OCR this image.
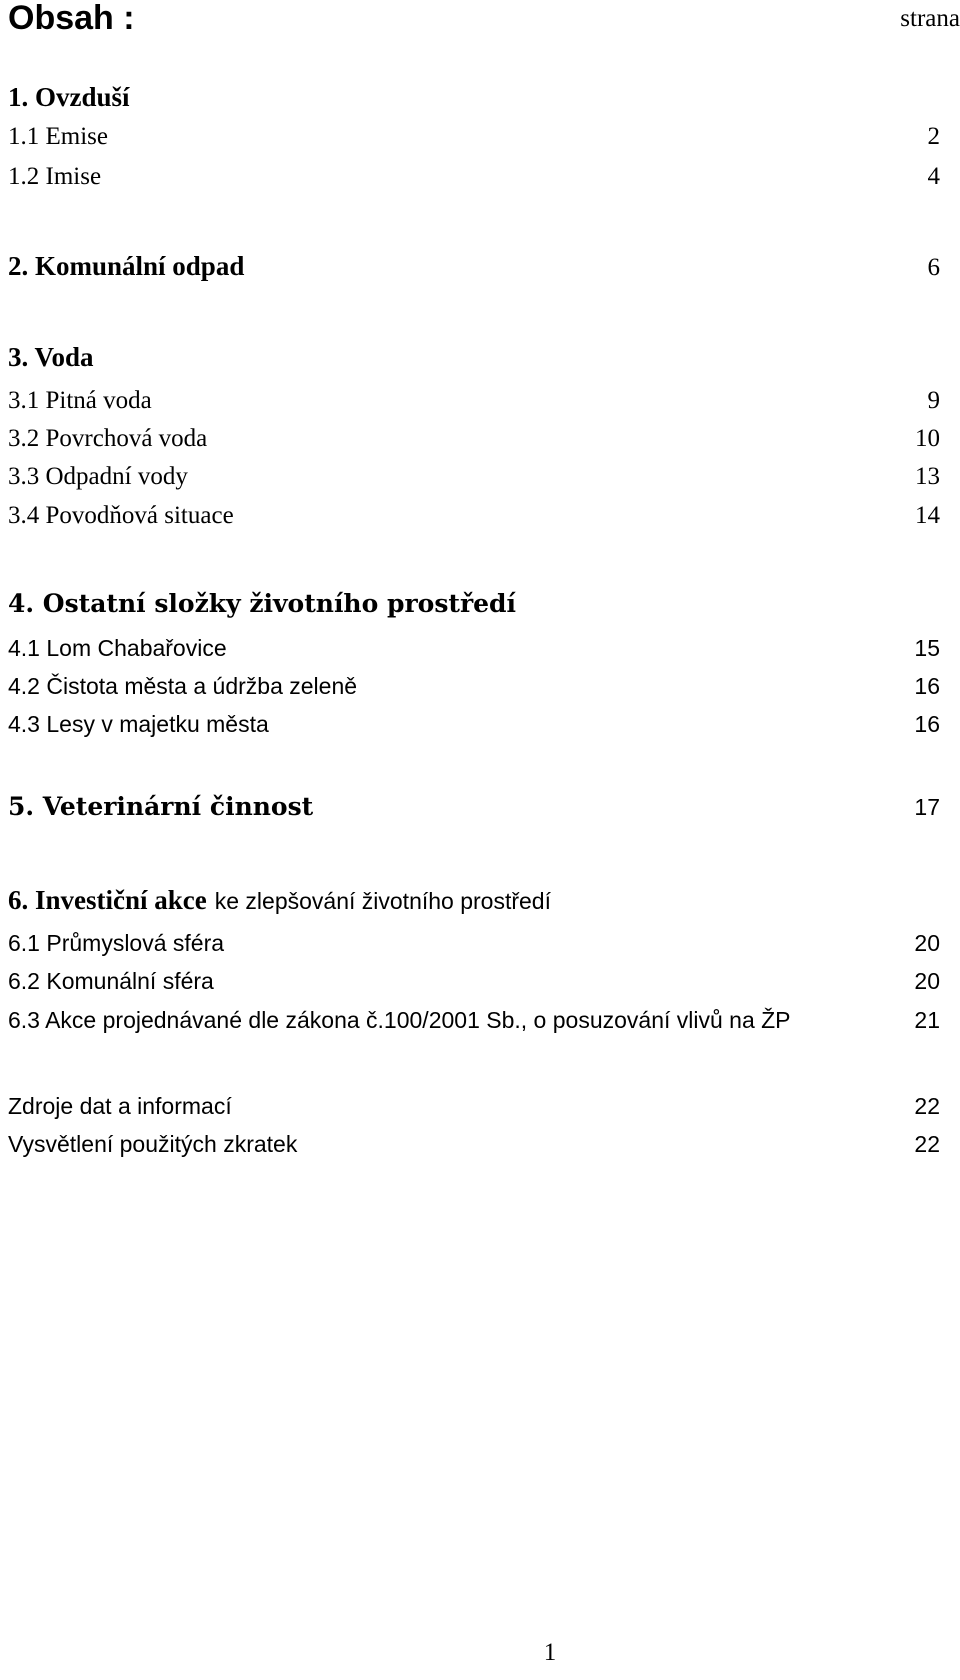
Obsah :	strana
1. Ovzduší
1.1 Emise	2
1.2 Imise	4
2. Komunální odpad	6
3. Voda
3.1 Pitná voda	9
3.2 Povrchová voda	10
3.3 Odpadní vody	13
3.4 Povodňová situace	14
4. Ostatní složky životního prostředí
4.1 Lom Chabařovice	15
4.2 Čistota města a údržba zeleně	16
4.3 Lesy v majetku města	16
5. Veterinární činnost	17
6. Investiční akce ke zlepšování životního prostředí
6.1 Průmyslová sféra	20
6.2 Komunální sféra	20
6.3 Akce projednávané dle zákona č.100/2001 Sb., o posuzování vlivů na ŽP	21
Zdroje dat a informací	22
Vysvětlení použitých zkratek	22
1
